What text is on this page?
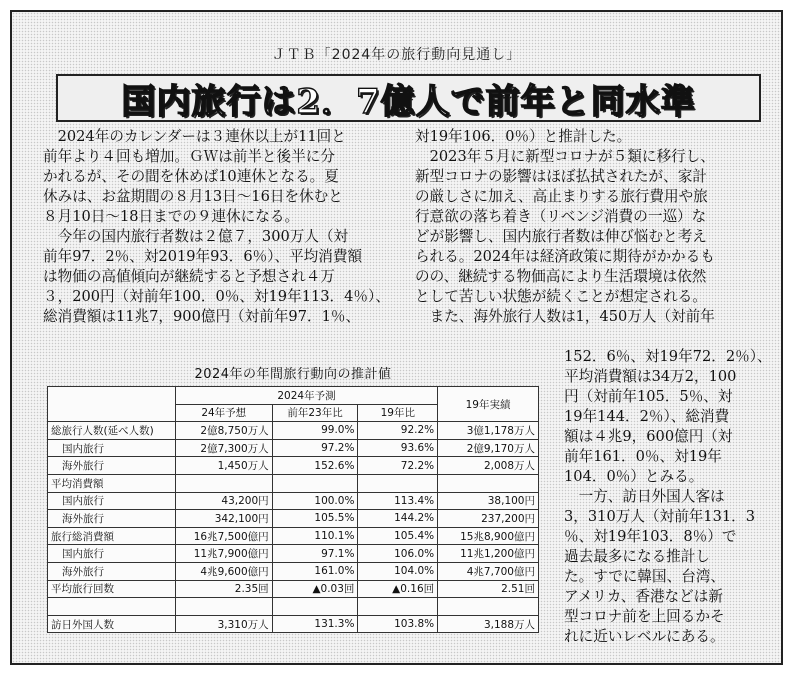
ＪＴＢ「2024年の旅行動向見通し」
国内旅行は2．7億人で前年と同水準
　2024年のカレンダーは３連休以上が11回と
前年より４回も増加。ＧＷは前半と後半に分
かれるが、その間を休めば10連休となる。夏
休みは、お盆期間の８月13日～16日を休むと
８月10日～18日までの９連休になる。
　今年の国内旅行者数は２億７，300万人（対
前年97．2％、対2019年93．6％）、平均消費額
は物価の高値傾向が継続すると予想され４万
３，200円（対前年100．0％、対19年113．4％）、
総消費額は11兆7，900億円（対前年97．1％、
対19年106．0％）と推計した。
　2023年５月に新型コロナが５類に移行し、
新型コロナの影響はほぼ払拭されたが、家計
の厳しさに加え、高止まりする旅行費用や旅
行意欲の落ち着き（リベンジ消費の一巡）な
どが影響し、国内旅行者数は伸び悩むと考え
られる。2024年は経済政策に期待がかかるも
のの、継続する物価高により生活環境は依然
として苦しい状態が続くことが想定される。
　また、海外旅行人数は1，450万人（対前年
152．6％、対19年72．2％）、
平均消費額は34万2，100
円（対前年105．5％、対
19年144．2％）、総消費
額は４兆9，600億円（対
前年161．0％、対19年
104．0％）とみる。
　一方、訪日外国人客は
3，310万人（対前年131．3
％、対19年103．8％）で
過去最多になる推計し
た。すでに韓国、台湾、
アメリカ、香港などは新
型コロナ前を上回るかそ
れに近いレベルにある。
2024年の年間旅行動向の推計値
	2024年予測			19年実績
	24年予想	前年23年比	19年比	
総旅行人数(延べ人数)	2億8,750万人	99.0%	92.2%	3億1,178万人
国内旅行	2億7,300万人	97.2%	93.6%	2億9,170万人
海外旅行	1,450万人	152.6%	72.2%	2,008万人
平均消費額				
国内旅行	43,200円	100.0%	113.4%	38,100円
海外旅行	342,100円	105.5%	144.2%	237,200円
旅行総消費額	16兆7,500億円	110.1%	105.4%	15兆8,900億円
国内旅行	11兆7,900億円	97.1%	106.0%	11兆1,200億円
海外旅行	4兆9,600億円	161.0%	104.0%	4兆7,700億円
平均旅行回数	2.35回	▲0.03回	▲0.16回	2.51回

訪日外国人数	3,310万人	131.3%	103.8%	3,188万人
